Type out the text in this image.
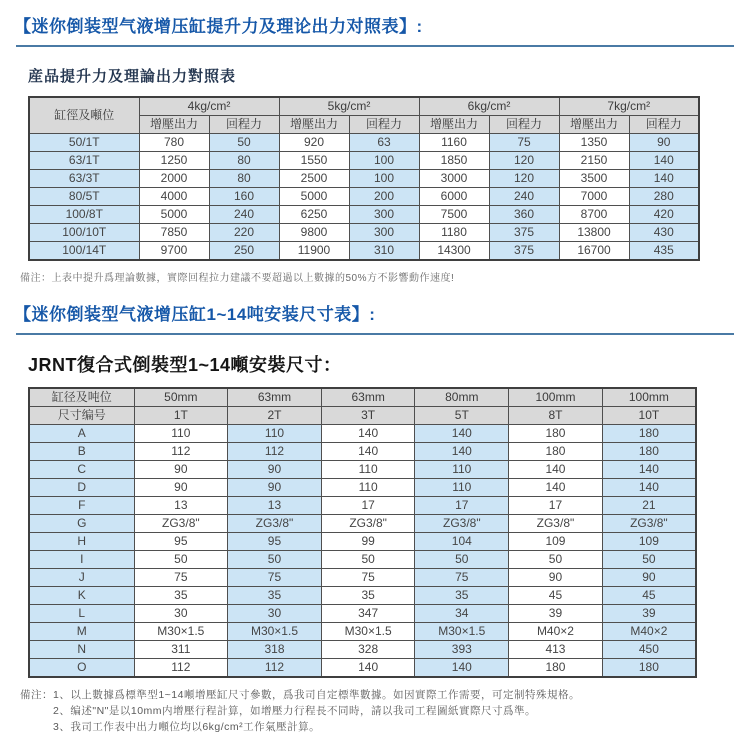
【迷你倒装型气液增压缸提升力及理论出力对照表】:
産品提升力及理論出力對照表
缸徑及噸位	4kg/cm²		5kg/cm²		6kg/cm²		7kg/cm²	
	增壓出力	回程力	增壓出力	回程力	增壓出力	回程力	增壓出力	回程力
50/1T	780	50	920	63	1160	75	1350	90
63/1T	1250	80	1550	100	1850	120	2150	140
63/3T	2000	80	2500	100	3000	120	3500	140
80/5T	4000	160	5000	200	6000	240	7000	280
100/8T	5000	240	6250	300	7500	360	8700	420
100/10T	7850	220	9800	300	1180	375	13800	430
100/14T	9700	250	11900	310	14300	375	16700	435
備注：上表中提升爲理論數據，實際回程拉力建議不要超過以上數據的50%方不影響動作速度!
【迷你倒装型气液增压缸1~14吨安装尺寸表】:
JRNT復合式倒裝型1~14噸安裝尺寸：
缸径及吨位	50mm	63mm	63mm	80mm	100mm	100mm
尺寸编号	1T	2T	3T	5T	8T	10T
A	110	110	140	140	180	180
B	112	112	140	140	180	180
C	90	90	110	110	140	140
D	90	90	110	110	140	140
F	13	13	17	17	17	21
G	ZG3/8"	ZG3/8"	ZG3/8"	ZG3/8"	ZG3/8"	ZG3/8"
H	95	95	99	104	109	109
I	50	50	50	50	50	50
J	75	75	75	75	90	90
K	35	35	35	35	45	45
L	30	30	347	34	39	39
M	M30×1.5	M30×1.5	M30×1.5	M30×1.5	M40×2	M40×2
N	311	318	328	393	413	450
O	112	112	140	140	180	180
備注：1、以上數據爲標準型1~14噸增壓缸尺寸參數，爲我司自定標準數據。如因實際工作需要，可定制特殊規格。
2、编述"N"是以10mm内增壓行程計算，如增壓力行程長不同時，請以我司工程圖紙實際尺寸爲準。
3、我司工作表中出力噸位均以6kg/cm²工作氣壓計算。
